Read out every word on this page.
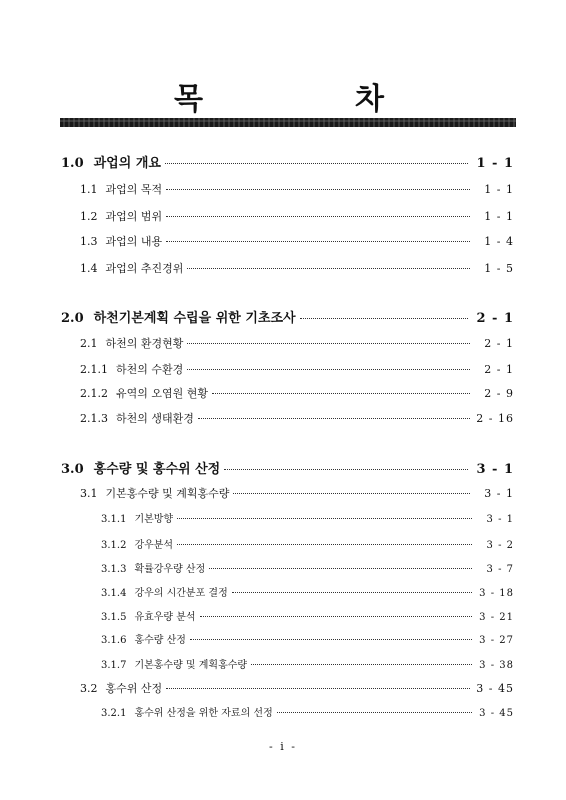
목	차
1.0 과업의 개요	1 - 1
1.1 과업의 목적	1 - 1
1.2 과업의 범위	1 - 1
1.3 과업의 내용	1 - 4
1.4 과업의 추진경위	1 - 5
2.0 하천기본계획 수립을 위한 기초조사	2 - 1
2.1 하천의 환경현황	2 - 1
2.1.1 하천의 수환경	2 - 1
2.1.2 유역의 오염원 현황	2 - 9
2.1.3 하천의 생태환경	2 - 16
3.0 홍수량 및 홍수위 산정	3 - 1
3.1 기본홍수량 및 계획홍수량	3 - 1
3.1.1 기본방향	3 - 1
3.1.2 강우분석	3 - 2
3.1.3 확률강우량 산정	3 - 7
3.1.4 강우의 시간분포 결정	3 - 18
3.1.5 유효우량 분석	3 - 21
3.1.6 홍수량 산정	3 - 27
3.1.7 기본홍수량 및 계획홍수량	3 - 38
3.2 홍수위 산정	3 - 45
3.2.1 홍수위 산정을 위한 자료의 선정	3 - 45
- i -
